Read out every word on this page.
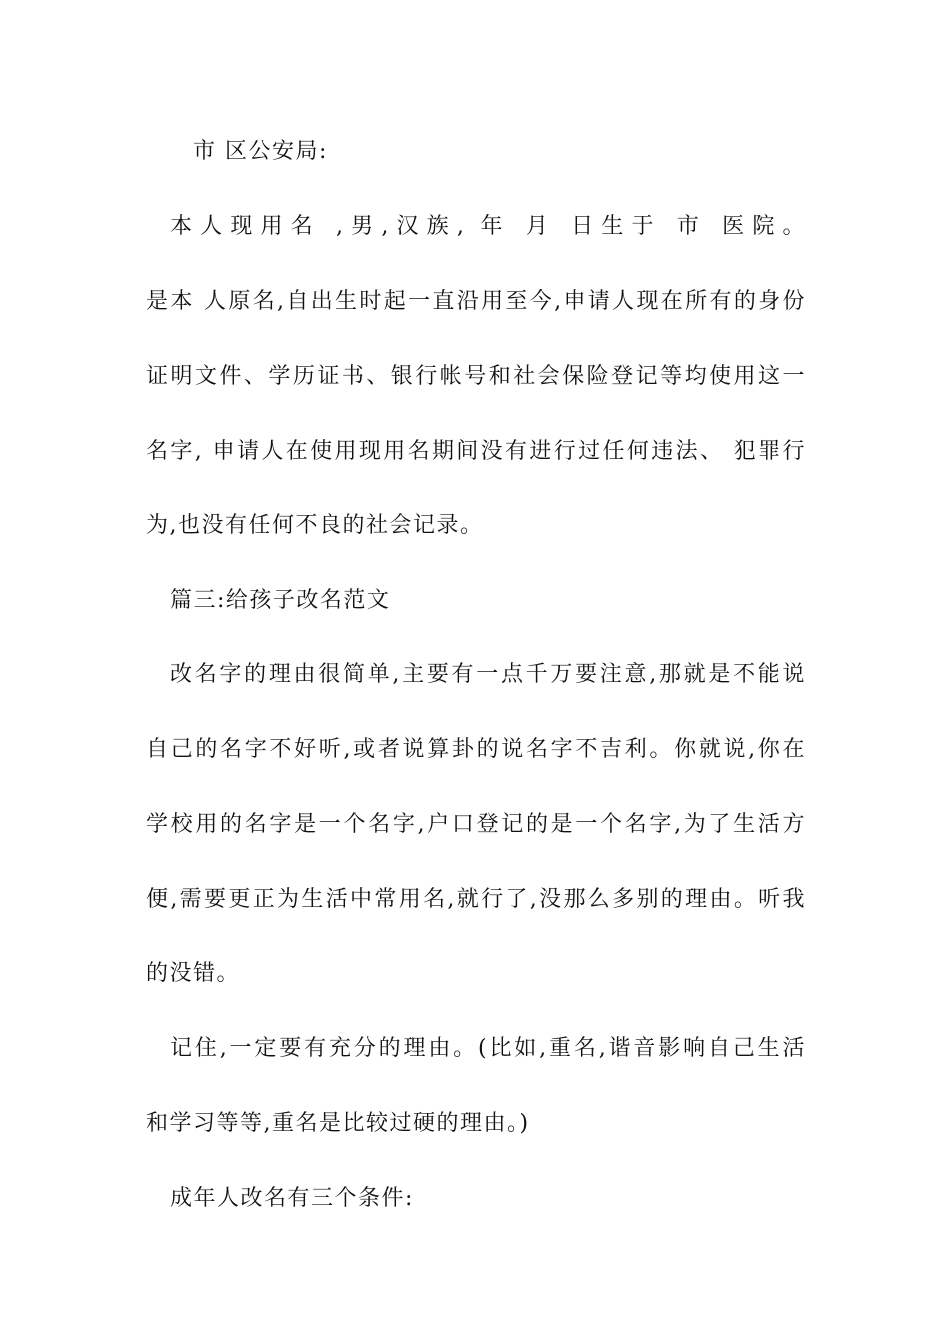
市 区公安局:
本人现用名 ,男,汉族, 年 月 日生于 市 医院。
是本 人原名,自出生时起一直沿用至今,申请人现在所有的身份
证明文件、学历证书、银行帐号和社会保险登记等均使用这一
名字, 申请人在使用现用名期间没有进行过任何违法、 犯罪行
为,也没有任何不良的社会记录。
篇三:给孩子改名范文
改名字的理由很简单,主要有一点千万要注意,那就是不能说
自己的名字不好听,或者说算卦的说名字不吉利。你就说,你在
学校用的名字是一个名字,户口登记的是一个名字,为了生活方
便,需要更正为生活中常用名,就行了,没那么多别的理由。听我
的没错。
记住,一定要有充分的理由。(比如,重名,谐音影响自己生活
和学习等等,重名是比较过硬的理由。)
成年人改名有三个条件:
